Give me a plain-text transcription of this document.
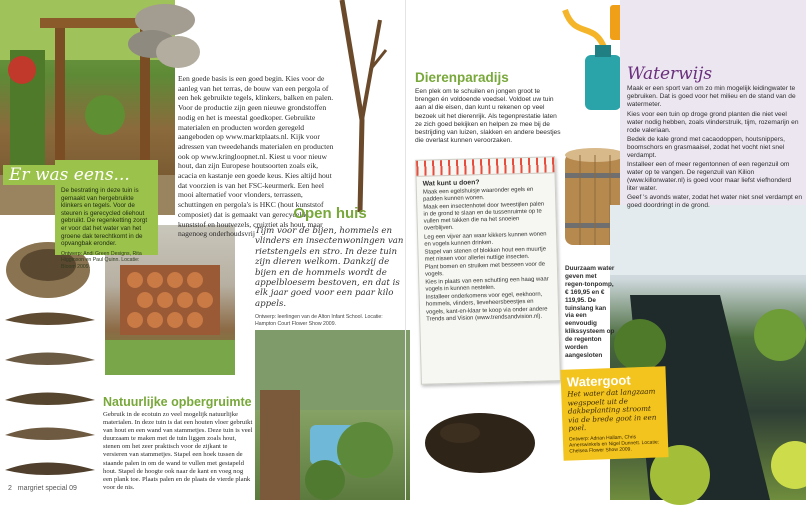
Een goede basis is een goed begin. Kies voor de aanleg van het terras, de bouw van een pergola of een hek gebruikte tegels, klinkers, balken en palen. Voor de productie zijn geen nieuwe grondstoffen nodig en het is meestal goedkoper. Gebruikte materialen en producten worden geregeld aangeboden op www.marktplaats.nl. Kijk voor adressen van tweedehands materialen en producten ook op www.kringloopnet.nl. Kiest u voor nieuw hout, dan zijn Europese houtsoorten zoals eik, acacia en kastanje een goede keus. Kies altijd hout dat voorzien is van het FSC-keurmerk. Een heel mooi alternatief voor vlonders, terrassen, schuttingen en pergola's is HKC (hout kunststof composiet) dat is gemaakt van gerecycelde kunststof en houtvezels, cruiztiet als hout, maar nagenoeg onderhoudsvrij
Er was eens...
De bestrating in deze tuin is gemaakt van hergebruikte klinkers en tegels. Voor de steuren is gerecycled oliehout gebruikt. De regenketting zorgt er voor dat het water van het groene dak terechtkomt in de opvangbak eronder.
Ontwerp: Andi Green Designs, Rita Higginson en Paul Quinn. Locatie: Bloom 2009.
Open huis
Tijm voor de bijen, hommels en vlinders en insectenwoningen van rietstengels en stro. In deze tuin zijn dieren welkom. Dankzij de bijen en de hommels wordt de appelbloesem bestoven, en dat is elk jaar goed voor een paar kilo appels.
Ontwerp: leerlingen van de Alton Infant School. Locatie: Hampton Court Flower Show 2009.
Natuurlijke opbergruimte
Gebruik in de ecotuin zo veel mogelijk natuurlijke materialen. In deze tuin is dat een houten vloer gebruikt van hout en een wand van stammetjes. Deze tuin is veel duurzaam te maken met de tuin liggen zoals hout, stenen om het zeer praktisch voor de zijkant te versieren van stammetjes. Stapel een hoek tussen de staande palen in om de wand te vullen met gestapeld hout. Stapel de hoogte ook naar de kant en voeg nog een plank toe. Plaats palen en de plaats de vierde plank voor de nis.
2 margriet special 09
Waterwijs
Maak er een sport van om zo min mogelijk leidingwater te gebruiken. Dat is goed voor het milieu en de stand van de watermeter.
Kies voor een tuin op droge grond planten die niet veel water nodig hebben, zoals vlinderstruik, tijm, rozemarijn en rode valeriaan.
Bedek de kale grond met cacaodoppen, houtsnippers, boomschors en grasmaaisel, zodat het vocht niet snel verdampt.
Installeer een of meer regentonnen of een regenzuil om water op te vangen. De regenzuil van Kilion (www.killonwater.nl) is goed voor maar liefst viefhonderd liter water.
Geef 's avonds water, zodat het water niet snel verdampt en goed doordringt in de grond.
Dierenparadijs
Een plek om te schuilen en jongen groot te brengen én voldoende voedsel. Voldoet uw tuin aan al die eisen, dan kunt u rekenen op veel bezoek uit het dierenrijk. Als tegenprestatie laten ze zich goed bekijken en helpen ze mee bij de bestrijding van luizen, slakken en andere beestjes die overlast kunnen veroorzaken.
Wat kunt u doen?
Maak een egelshuisje waaronder egels en padden kunnen wonen.
Maak een insectenhotel door tweestijlen palen in de grond te slaan en de tussenruimte op te vullen met takken die na het snoeien overblijven.
Leg een vijver aan waar kikkers kunnen wonen en vogels kunnen drinken.
Stapel van stenen of blokken hout een muurtje met nissen voor allerlei nuttige insecten.
Plant bomen en struiken met besseen voor de vogels.
Kies in plaats van een schutting een haag waar vogels in kunnen nestelen.
Installeer onderkomens voor egel, eekhoorn, hommels, vlinders, lieveheersbeestjes en vogels, kant-en-klaar te koop via onder andere Trends and Vision (www.trendsandvision.nl).
Duurzaam water geven met regen-tonpomp, € 169,95 en € 119,95. De tuinslang kan via een eenvoudig klikssysteem op de regenton worden aangesloten
Watergoot
Het water dat langzaam wegspoelt uit de dakbeplanting stroomt via de brede goot in een poel.
Ontwerp: Adrian Hallam, Chris Arnerswinkels en Nigel Dunnett. Locatie: Chelsea Flower Show 2009.
